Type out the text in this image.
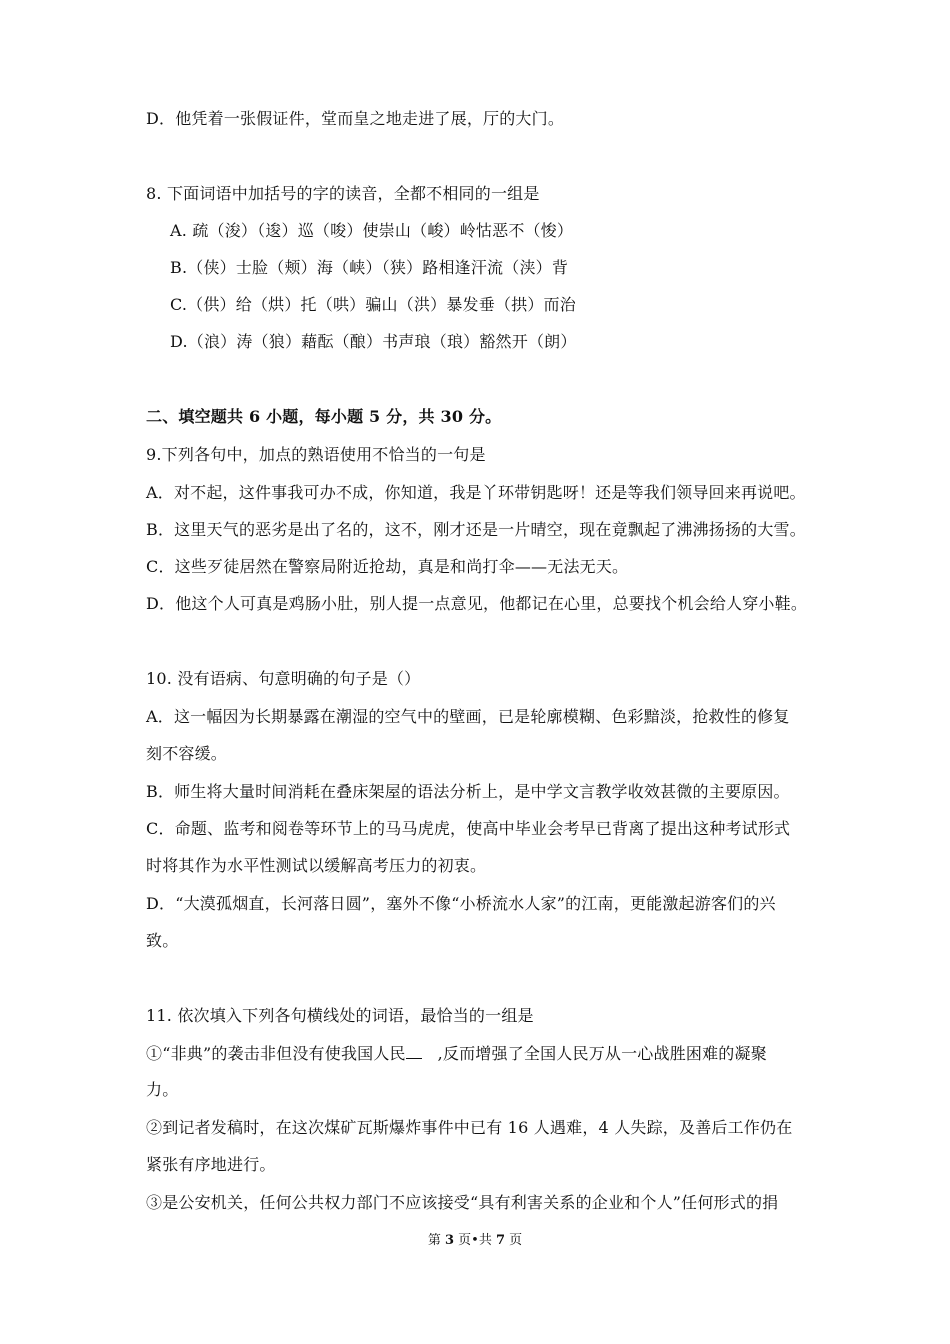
D．他凭着一张假证件，堂而皇之地走进了展，厅的大门。
8. 下面词语中加括号的字的读音，全都不相同的一组是
A. 疏（浚）（逡）巡（唆）使崇山（峻）岭怙恶不（悛）
B.（侠）士脸（颊）海（峡）（狭）路相逢汗流（浃）背
C.（供）给（烘）托（哄）骗山（洪）暴发垂（拱）而治
D.（浪）涛（狼）藉酝（酿）书声琅（琅）豁然开（朗）
二、填空题共 6 小题，每小题 5 分，共 30 分。
9.下列各句中，加点的熟语使用不恰当的一句是
A．对不起，这件事我可办不成，你知道，我是丫环带钥匙呀！还是等我们领导回来再说吧。
B．这里天气的恶劣是出了名的，这不，刚才还是一片晴空，现在竟飘起了沸沸扬扬的大雪。
C．这些歹徒居然在警察局附近抢劫，真是和尚打伞——无法无天。
D．他这个人可真是鸡肠小肚，别人提一点意见，他都记在心里，总要找个机会给人穿小鞋。
10. 没有语病、句意明确的句子是（）
A．这一幅因为长期暴露在潮湿的空气中的壁画，已是轮廓模糊、色彩黯淡，抢救性的修复
刻不容缓。
B．师生将大量时间消耗在叠床架屋的语法分析上，是中学文言教学收效甚微的主要原因。
C．命题、监考和阅卷等环节上的马马虎虎，使高中毕业会考早已背离了提出这种考试形式
时将其作为水平性测试以缓解高考压力的初衷。
D．“大漠孤烟直，长河落日圆”，塞外不像“小桥流水人家”的江南，更能激起游客们的兴
致。
11. 依次填入下列各句横线处的词语，最恰当的一组是
①“非典”的袭击非但没有使我国人民   ,反而增强了全国人民万从一心战胜困难的凝聚
力。
②到记者发稿时，在这次煤矿瓦斯爆炸事件中已有 16 人遇难，4 人失踪，及善后工作仍在
紧张有序地进行。
③是公安机关，任何公共权力部门不应该接受“具有利害关系的企业和个人”任何形式的捐
第 3 页•共 7 页
